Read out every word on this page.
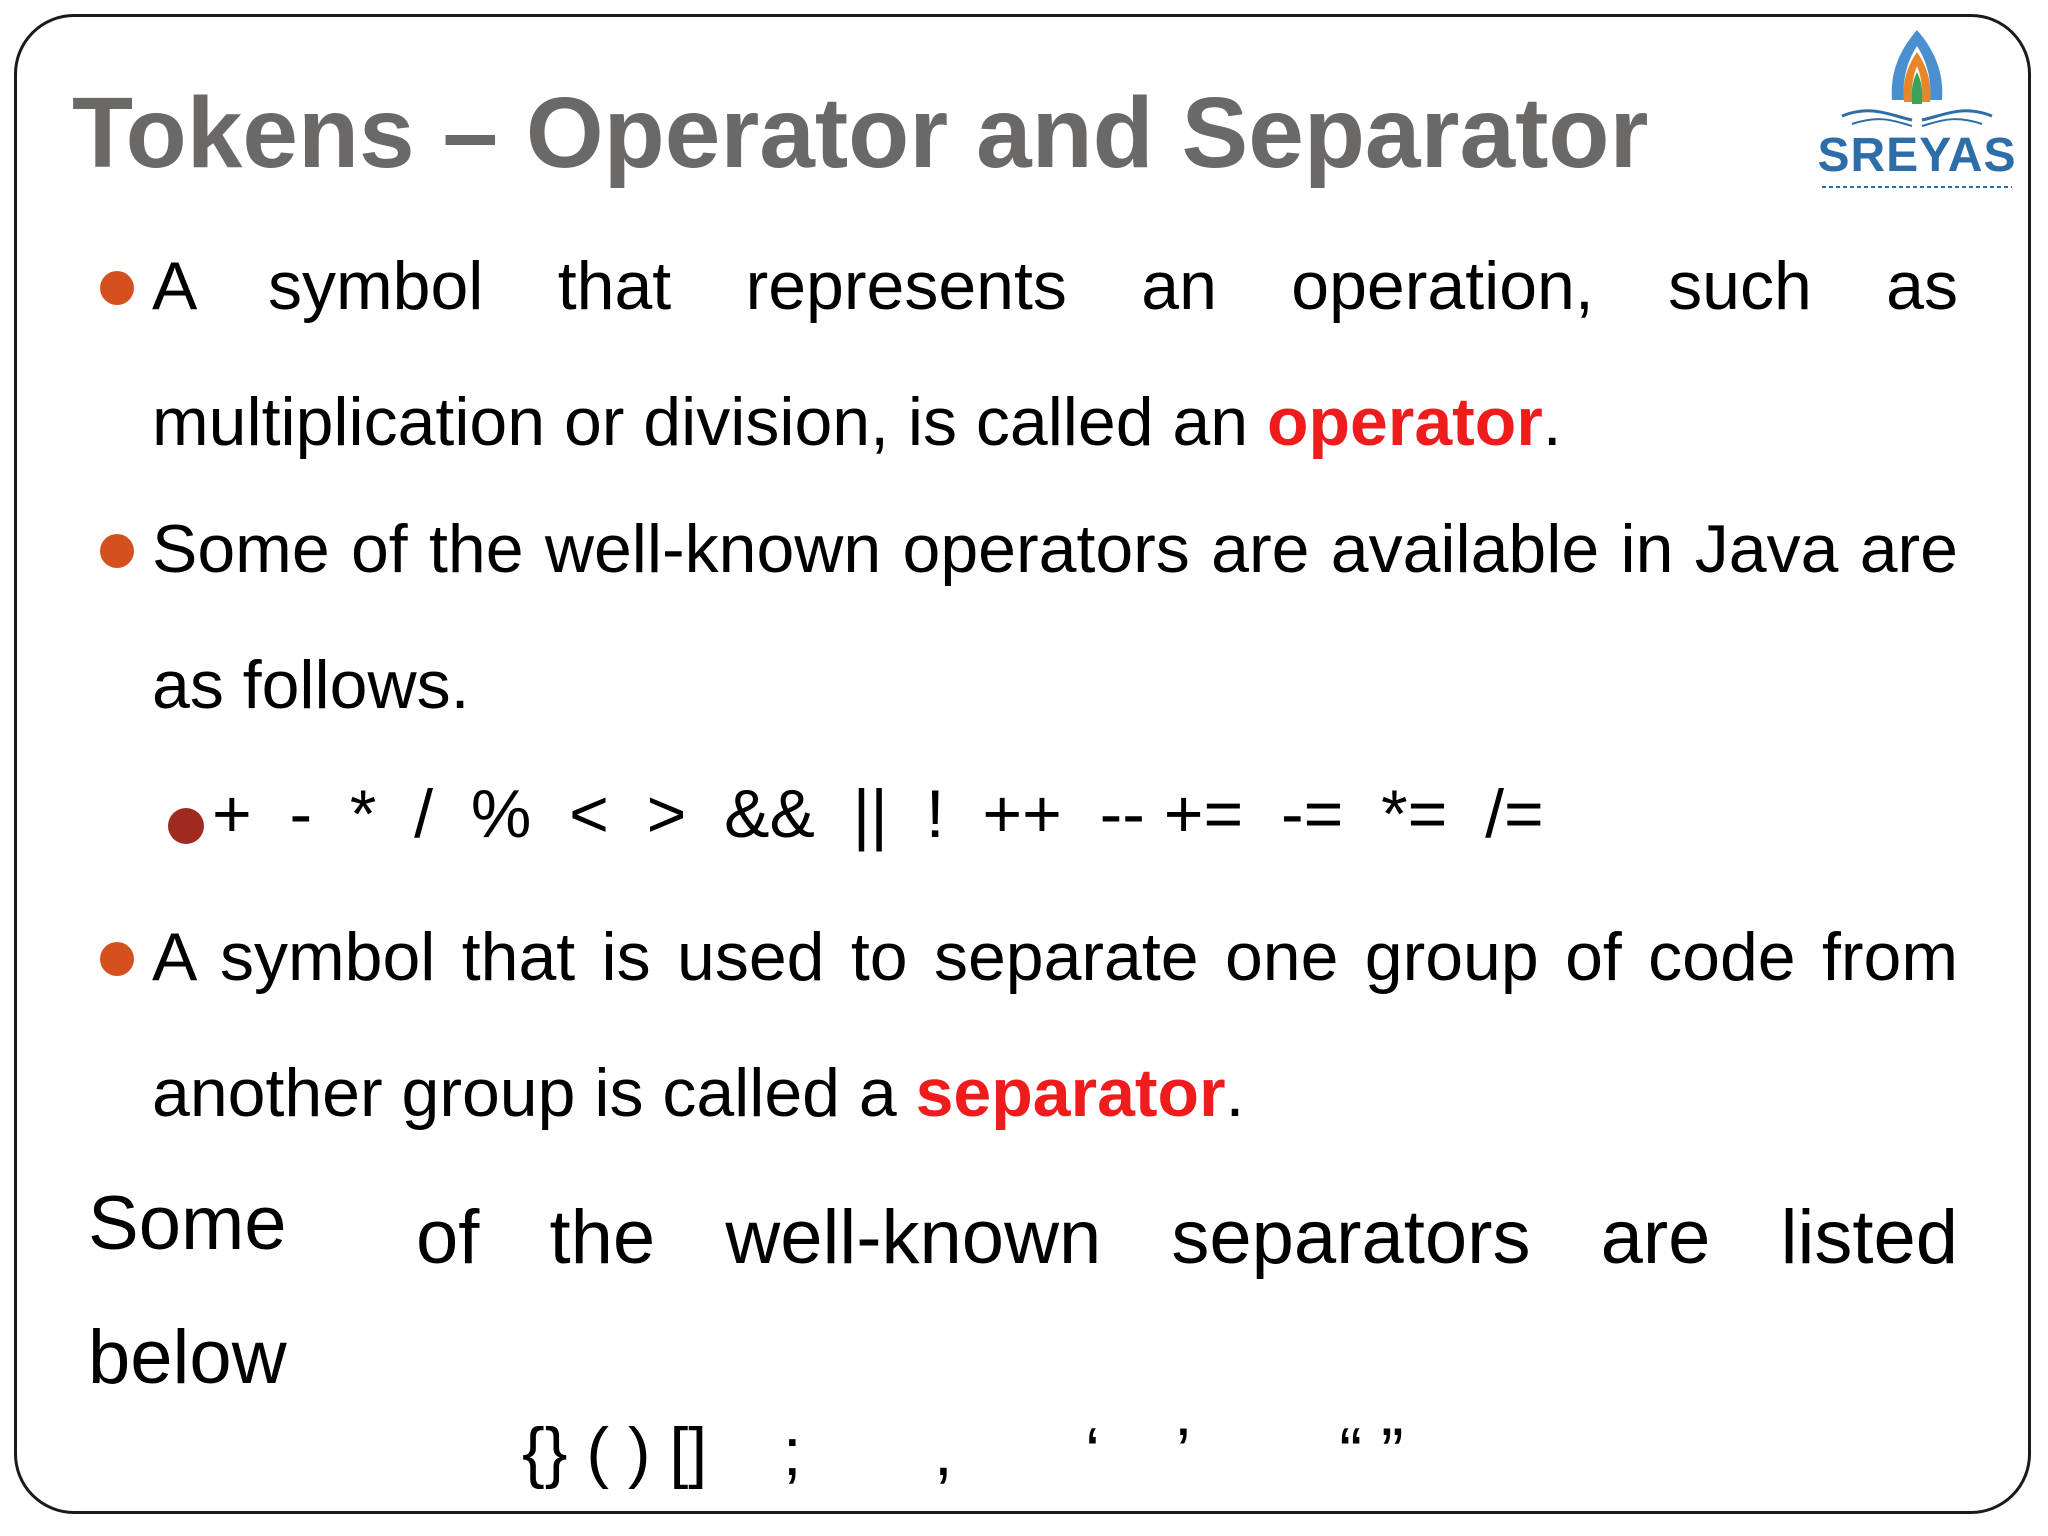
Tokens – Operator and Separator	SREYAS

A symbol that represents an operation, such as multiplication or division, is called an operator.

Some of the well-known operators are available in Java are as follows.

+  -  *  /  %  <  >  &&  ||  !  ++  -- +=  -=  *=  /=

A symbol that is used to separate one group of code from another group is called a separator.

Some of the well-known separators are listed
below
{} ( ) []    ;       ,       ‘    ’        “ ”
